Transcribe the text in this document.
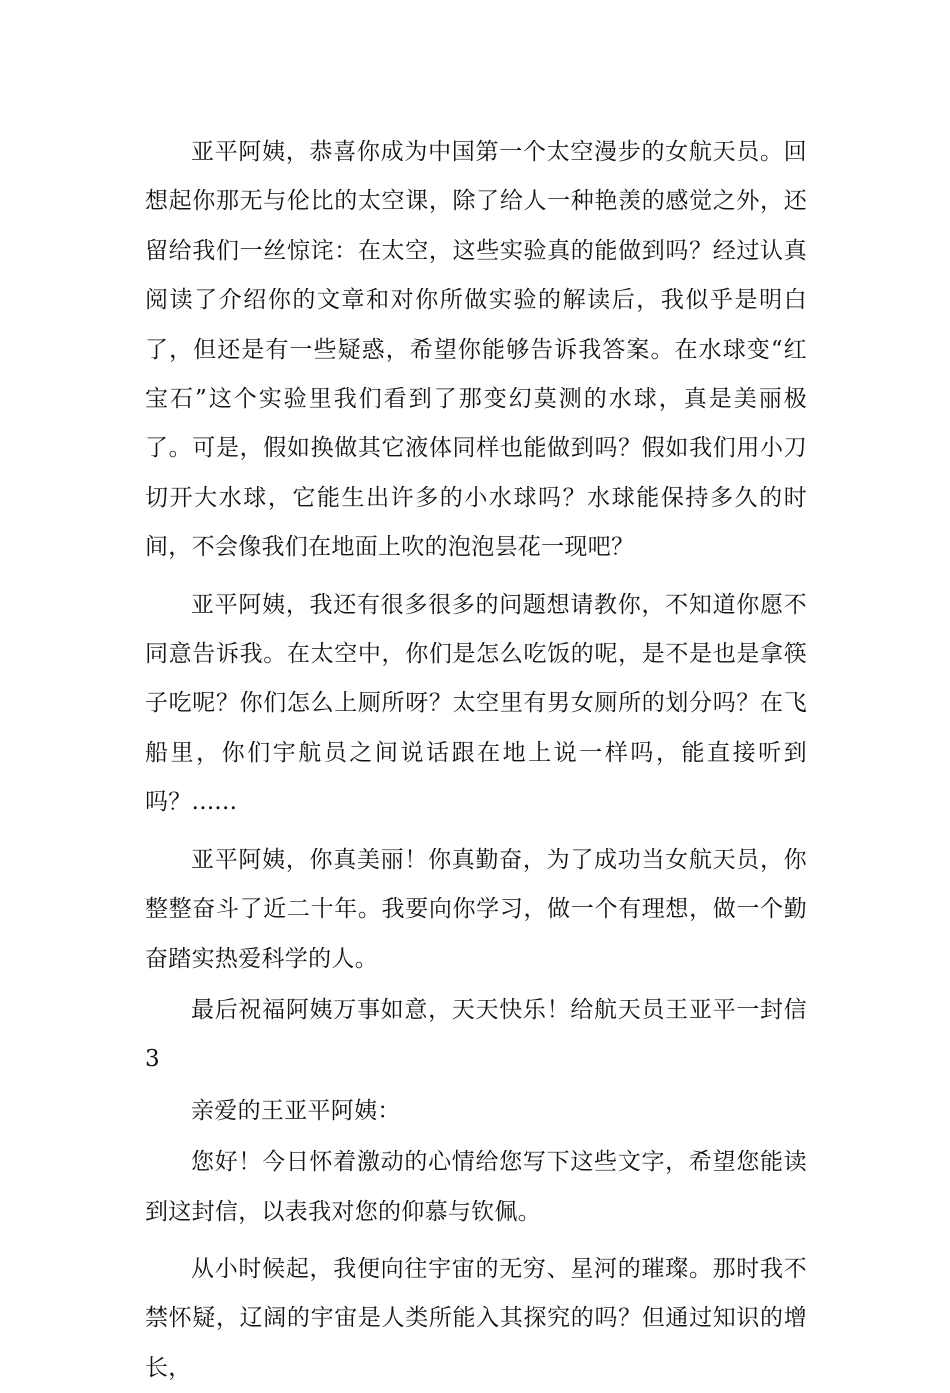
亚平阿姨，恭喜你成为中国第一个太空漫步的女航天员。回想起你那无与伦比的太空课，除了给人一种艳羡的感觉之外，还留给我们一丝惊诧：在太空，这些实验真的能做到吗？经过认真阅读了介绍你的文章和对你所做实验的解读后，我似乎是明白了，但还是有一些疑惑，希望你能够告诉我答案。在水球变“红宝石”这个实验里我们看到了那变幻莫测的水球，真是美丽极了。可是，假如换做其它液体同样也能做到吗？假如我们用小刀切开大水球，它能生出许多的小水球吗？水球能保持多久的时间，不会像我们在地面上吹的泡泡昙花一现吧？

亚平阿姨，我还有很多很多的问题想请教你，不知道你愿不同意告诉我。在太空中，你们是怎么吃饭的呢，是不是也是拿筷子吃呢？你们怎么上厕所呀？太空里有男女厕所的划分吗？在飞船里，你们宇航员之间说话跟在地上说一样吗，能直接听到吗？......

亚平阿姨，你真美丽！你真勤奋，为了成功当女航天员，你整整奋斗了近二十年。我要向你学习，做一个有理想，做一个勤奋踏实热爱科学的人。

最后祝福阿姨万事如意，天天快乐！给航天员王亚平一封信3

亲爱的王亚平阿姨：

您好！今日怀着激动的心情给您写下这些文字，希望您能读到这封信，以表我对您的仰慕与钦佩。

从小时候起，我便向往宇宙的无穷、星河的璀璨。那时我不禁怀疑，辽阔的宇宙是人类所能入其探究的吗？但通过知识的增长，
